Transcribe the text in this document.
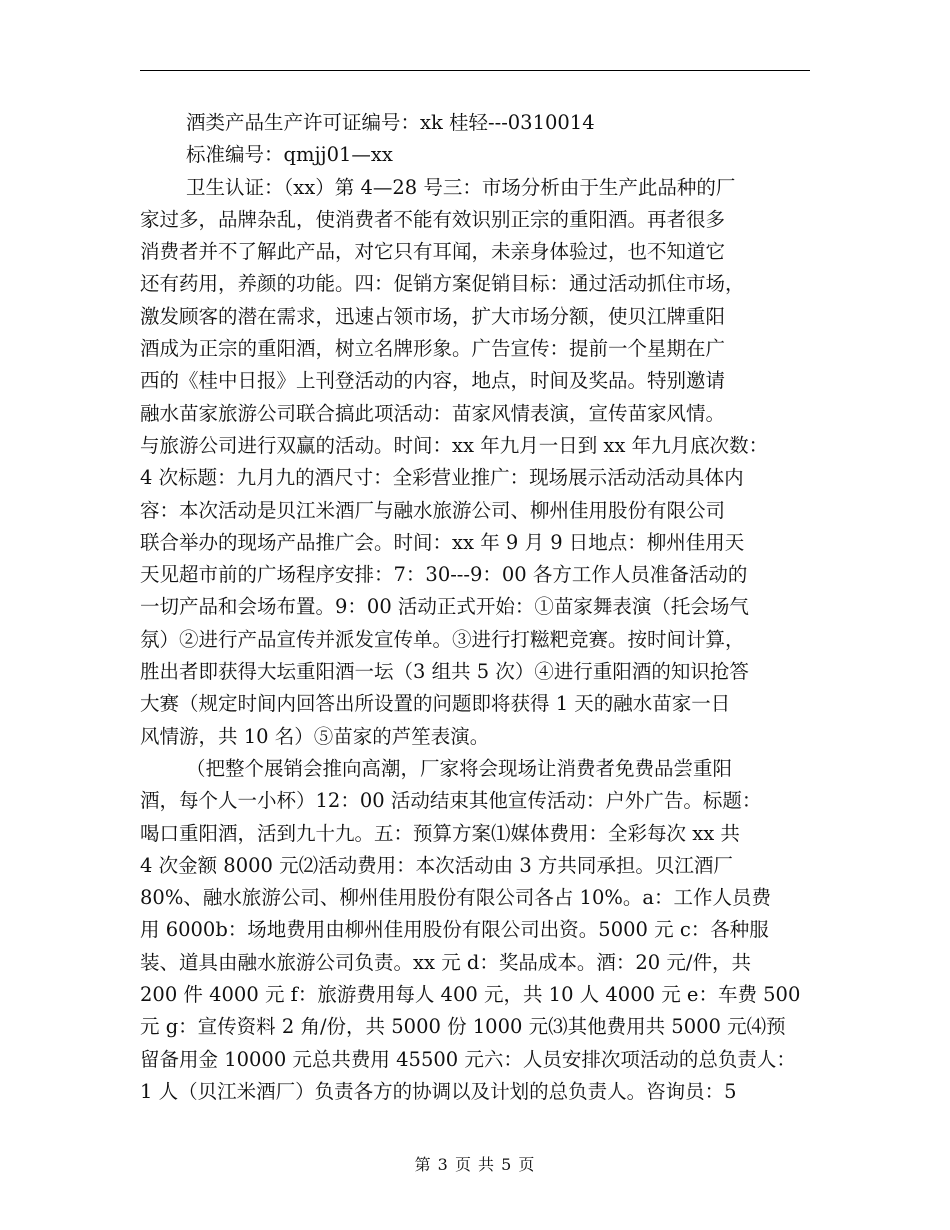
酒类产品生产许可证编号：xk 桂轻---0310014
标准编号：qmjj01—xx
卫生认证：（xx）第 4—28 号三：市场分析由于生产此品种的厂
家过多，品牌杂乱，使消费者不能有效识别正宗的重阳酒。再者很多
消费者并不了解此产品，对它只有耳闻，未亲身体验过，也不知道它
还有药用，养颜的功能。四：促销方案促销目标：通过活动抓住市场，
激发顾客的潜在需求，迅速占领市场，扩大市场分额，使贝江牌重阳
酒成为正宗的重阳酒，树立名牌形象。广告宣传：提前一个星期在广
西的《桂中日报》上刊登活动的内容，地点，时间及奖品。特别邀请
融水苗家旅游公司联合搞此项活动：苗家风情表演，宣传苗家风情。
与旅游公司进行双赢的活动。时间：xx 年九月一日到 xx 年九月底次数：
4 次标题：九月九的酒尺寸：全彩营业推广：现场展示活动活动具体内
容：本次活动是贝江米酒厂与融水旅游公司、柳州佳用股份有限公司
联合举办的现场产品推广会。时间：xx 年 9 月 9 日地点：柳州佳用天
天见超市前的广场程序安排：7：30---9：00 各方工作人员准备活动的
一切产品和会场布置。9：00 活动正式开始：①苗家舞表演（托会场气
氛）②进行产品宣传并派发宣传单。③进行打糍粑竞赛。按时间计算，
胜出者即获得大坛重阳酒一坛（3 组共 5 次）④进行重阳酒的知识抢答
大赛（规定时间内回答出所设置的问题即将获得 1 天的融水苗家一日
风情游，共 10 名）⑤苗家的芦笙表演。
（把整个展销会推向高潮，厂家将会现场让消费者免费品尝重阳
酒，每个人一小杯）12：00 活动结束其他宣传活动：户外广告。标题：
喝口重阳酒，活到九十九。五：预算方案⑴媒体费用：全彩每次 xx 共
4 次金额 8000 元⑵活动费用：本次活动由 3 方共同承担。贝江酒厂
80%、融水旅游公司、柳州佳用股份有限公司各占 10%。a：工作人员费
用 6000b：场地费用由柳州佳用股份有限公司出资。5000 元 c：各种服
装、道具由融水旅游公司负责。xx 元 d：奖品成本。酒：20 元/件，共
200 件 4000 元 f：旅游费用每人 400 元，共 10 人 4000 元 e：车费 500
元 g：宣传资料 2 角/份，共 5000 份 1000 元⑶其他费用共 5000 元⑷预
留备用金 10000 元总共费用 45500 元六：人员安排次项活动的总负责人：
1 人（贝江米酒厂）负责各方的协调以及计划的总负责人。咨询员：5
第 3 页 共 5 页
